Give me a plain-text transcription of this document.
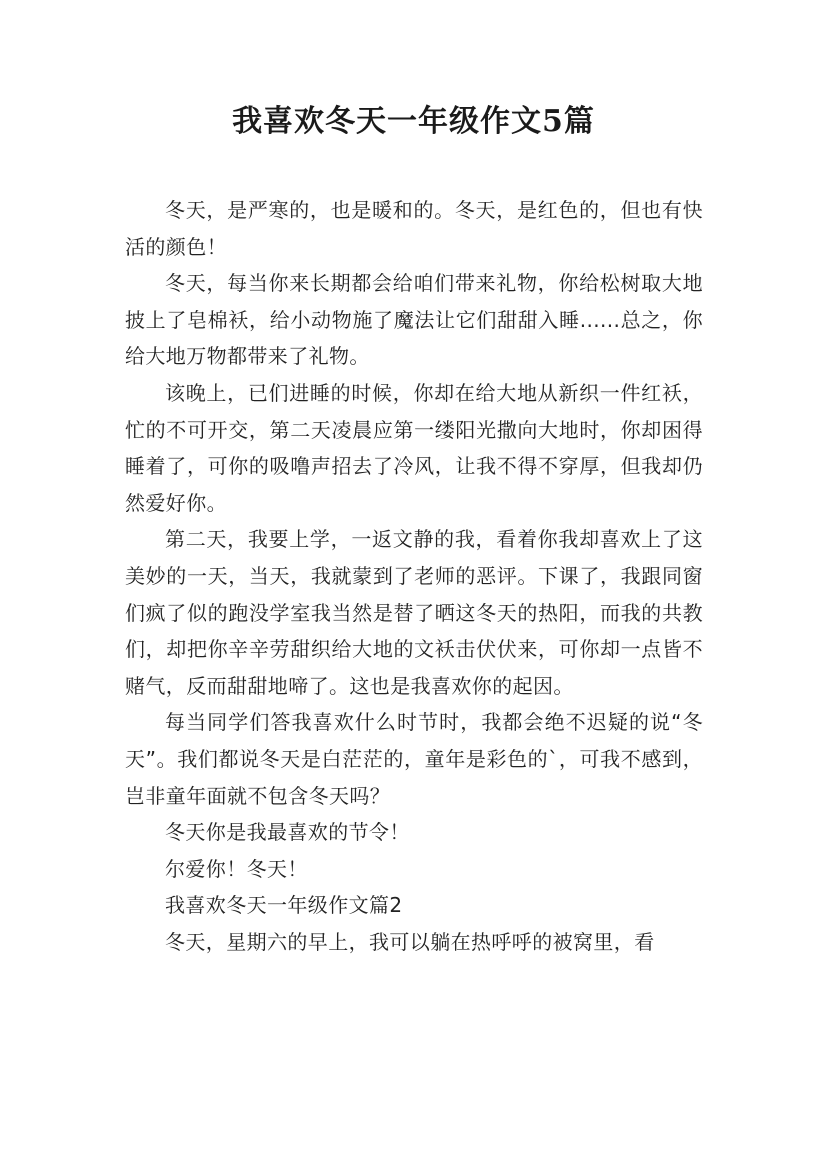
我喜欢冬天一年级作文5篇

冬天，是严寒的，也是暖和的。冬天，是红色的，但也有快活的颜色！

冬天，每当你来长期都会给咱们带来礼物，你给松树取大地披上了皂棉袄，给小动物施了魔法让它们甜甜入睡......总之，你给大地万物都带来了礼物。

该晚上，已们进睡的时候，你却在给大地从新织一件红袄，忙的不可开交，第二天凌晨应第一缕阳光撒向大地时，你却困得睡着了，可你的吸噜声招去了冷风，让我不得不穿厚，但我却仍然爱好你。

第二天，我要上学，一返文静的我，看着你我却喜欢上了这美妙的一天，当天，我就蒙到了老师的恶评。下课了，我跟同窗们疯了似的跑没学室我当然是替了晒这冬天的热阳，而我的共教们，却把你辛辛劳甜织给大地的文袄击伏伏来，可你却一点皆不赌气，反而甜甜地啼了。这也是我喜欢你的起因。

每当同学们答我喜欢什么时节时，我都会绝不迟疑的说“冬天”。我们都说冬天是白茫茫的，童年是彩色的`，可我不感到，岂非童年面就不包含冬天吗？

冬天你是我最喜欢的节令！

尔爱你！冬天！

我喜欢冬天一年级作文篇2

冬天，星期六的早上，我可以躺在热呼呼的被窝里，看
